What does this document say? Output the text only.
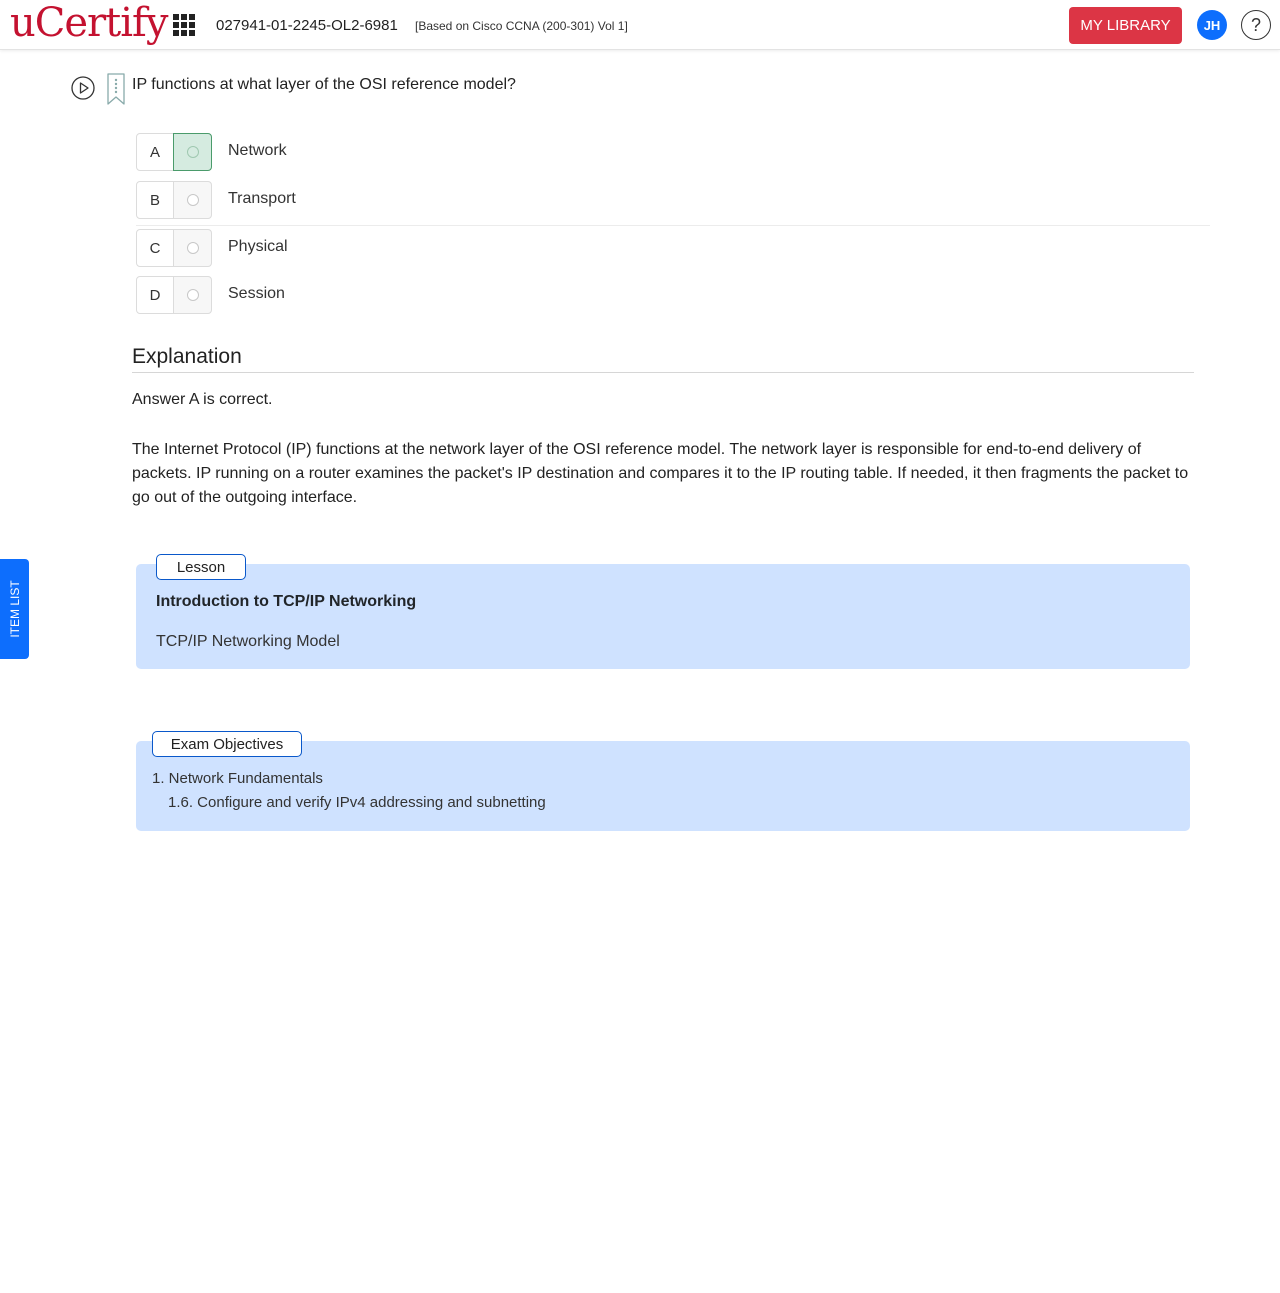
uCertify	027941-01-2245-OL2-6981 [Based on Cisco CCNA (200-301) Vol 1]	MY LIBRARY	JH	?
IP functions at what layer of the OSI reference model?
A	Network
B	Transport
C	Physical
D	Session
Explanation
Answer A is correct.
The Internet Protocol (IP) functions at the network layer of the OSI reference model. The network layer is responsible for end-to-end delivery of packets. IP running on a router examines the packet's IP destination and compares it to the IP routing table. If needed, it then fragments the packet to go out of the outgoing interface.
ITEM LIST
Lesson
Introduction to TCP/IP Networking
TCP/IP Networking Model
Exam Objectives
1. Network Fundamentals
1.6. Configure and verify IPv4 addressing and subnetting
